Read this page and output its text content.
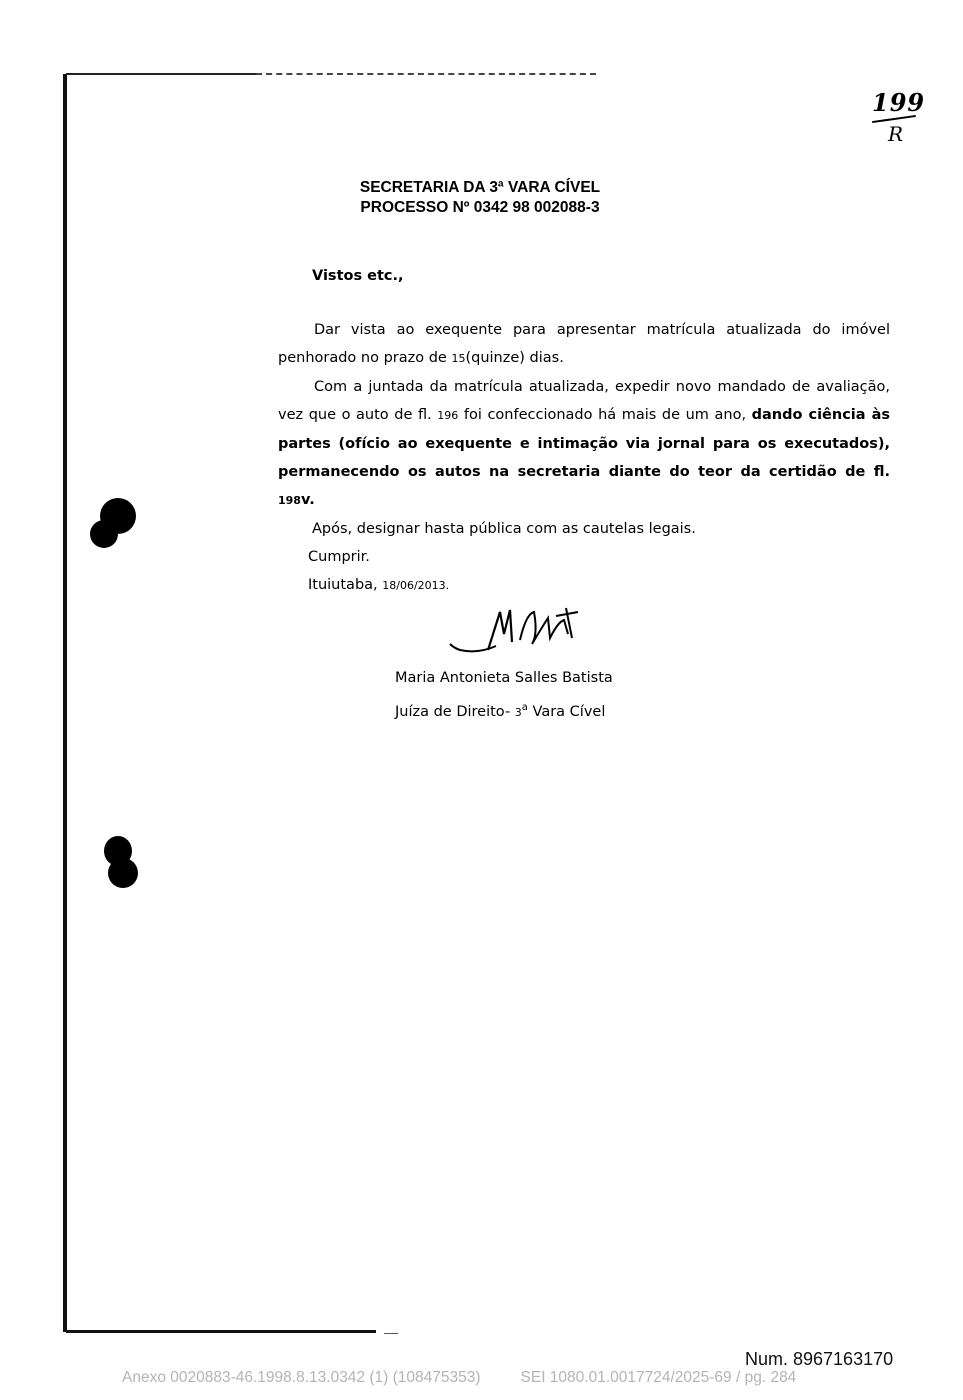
199
R
SECRETARIA DA 3ª VARA CÍVEL
PROCESSO Nº 0342 98 002088-3
Vistos etc.,

Dar vista ao exequente para apresentar matrícula atualizada do imóvel penhorado no prazo de 15(quinze) dias.

Com a juntada da matrícula atualizada, expedir novo mandado de avaliação, vez que o auto de fl. 196 foi confeccionado há mais de um ano, dando ciência às partes (ofício ao exequente e intimação via jornal para os executados), permanecendo os autos na secretaria diante do teor da certidão de fl. 198v.

Após, designar hasta pública com as cautelas legais.
Cumprir.
Ituiutaba, 18/06/2013.
Maria Antonieta Salles Batista
Juíza de Direito- 3$^a$ Vara Cível
Num. 8967163170
Anexo 0020883-46.1998.8.13.0342 (1) (108475353)	SEI 1080.01.0017724/2025-69 / pg. 284
